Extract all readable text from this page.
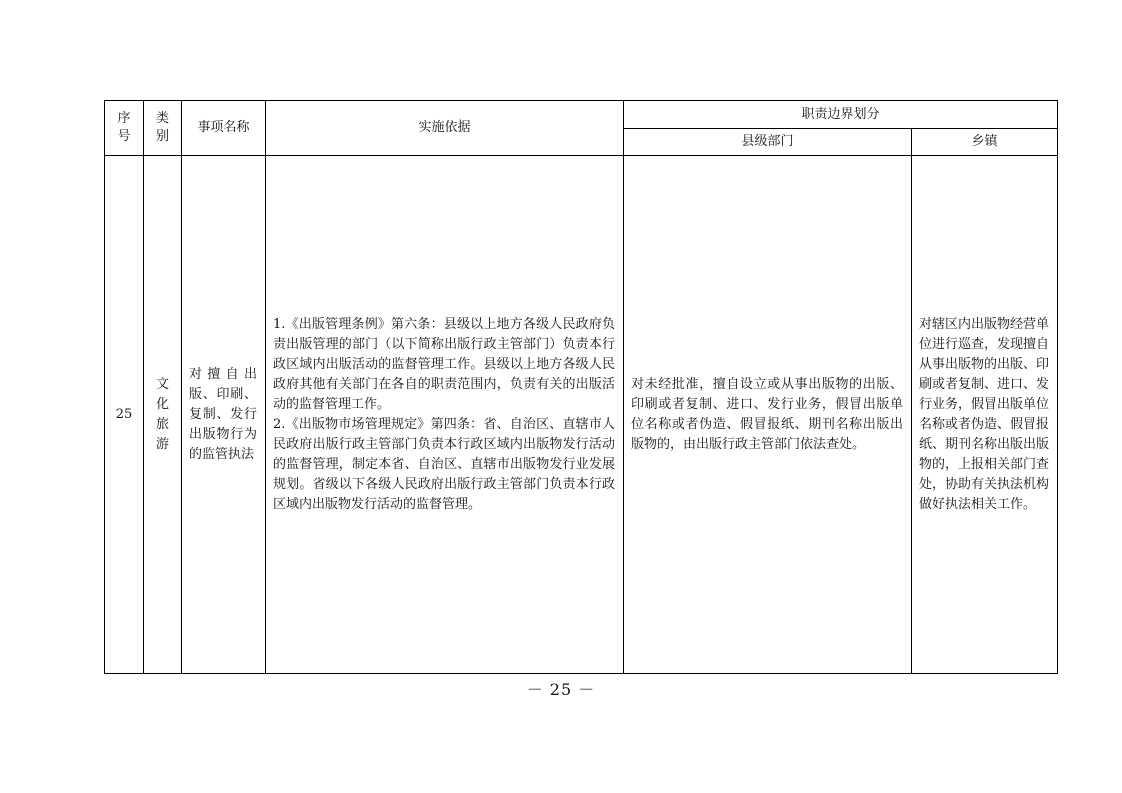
序号	类别	事项名称	实施依据	职责边界划分	
				县级部门	乡镇
25	文化旅游	对擅自出版、印刷、复制、发行出版物行为的监管执法	1.《出版管理条例》第六条：县级以上地方各级人民政府负责出版管理的部门（以下简称出版行政主管部门）负责本行政区域内出版活动的监督管理工作。县级以上地方各级人民政府其他有关部门在各自的职责范围内，负责有关的出版活动的监督管理工作。

2.《出版物市场管理规定》第四条：省、自治区、直辖市人民政府出版行政主管部门负责本行政区域内出版物发行活动的监督管理，制定本省、自治区、直辖市出版物发行业发展规划。省级以下各级人民政府出版行政主管部门负责本行政区域内出版物发行活动的监督管理。	对未经批准，擅自设立或从事出版物的出版、印刷或者复制、进口、发行业务，假冒出版单位名称或者伪造、假冒报纸、期刊名称出版出版物的，由出版行政主管部门依法查处。	对辖区内出版物经营单位进行巡查，发现擅自从事出版物的出版、印刷或者复制、进口、发行业务，假冒出版单位名称或者伪造、假冒报纸、期刊名称出版出版物的，上报相关部门查处，协助有关执法机构做好执法相关工作。
－ 25 －
